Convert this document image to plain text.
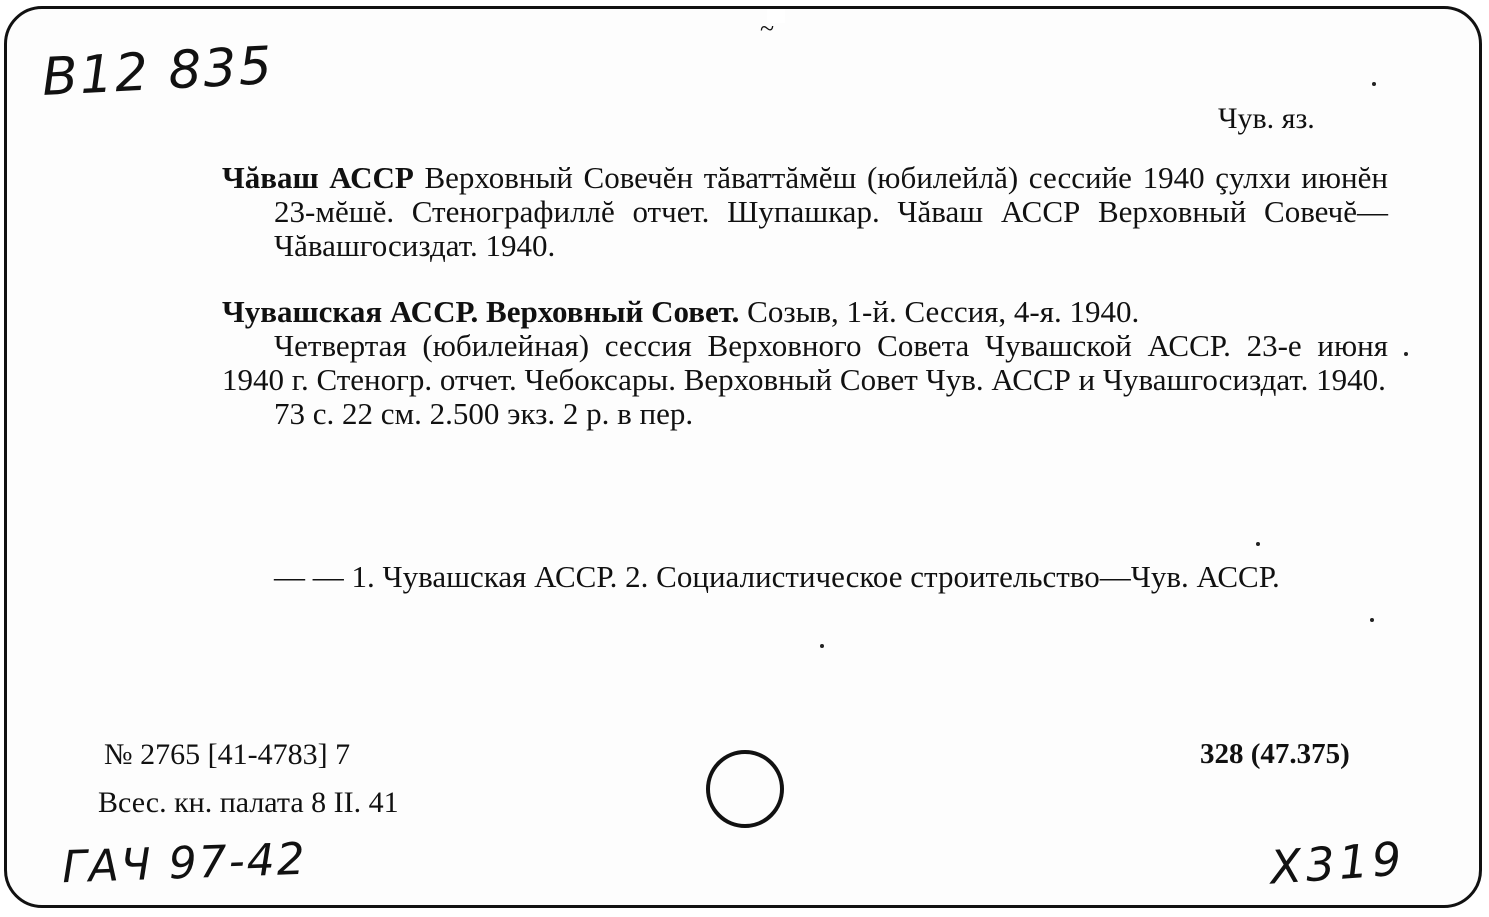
~
B12 835
Чув. яз.

Чăваш АССР Верховный Совечĕн тăваттăмĕш (юбилейлă) сессийе 1940 çулхи июнĕн 23-мĕшĕ. Стенографиллĕ отчет. Шупашкар. Чăваш АССР Верховный Совечĕ—Чăвашгосиздат. 1940.

Чувашская АССР. Верховный Совет. Созыв, 1-й. Сессия, 4-я. 1940.

Четвертая (юбилейная) сессия Верховного Совета Чувашской АССР. 23-е июня 1940 г. Стеногр. отчет. Чебоксары. Верховный Совет Чув. АССР и Чувашгосиздат. 1940.

73 с. 22 см. 2.500 экз. 2 р. в пер.

— — 1. Чувашская АССР. 2. Социалистическое строительство—Чув. АССР.

№ 2765 [41-4783] 7
Всес. кн. палата 8 II. 41
328 (47.375)
ГАЧ 97-42	X319
